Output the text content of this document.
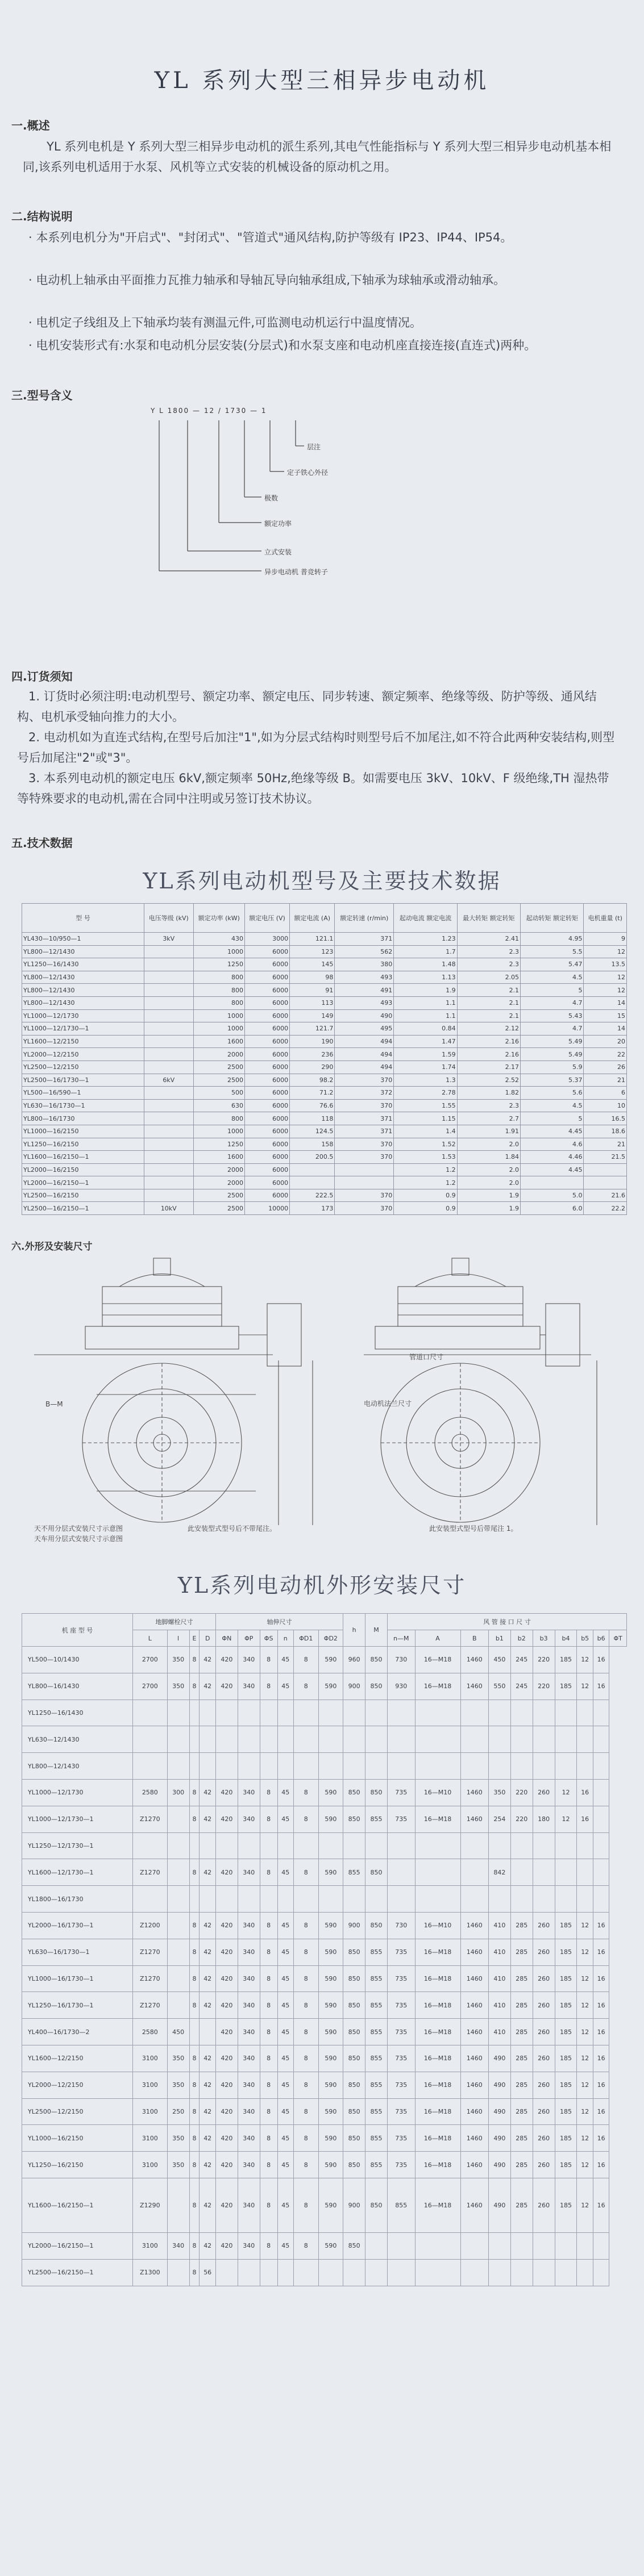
YL 系列大型三相异步电动机
一.概述
YL 系列电机是 Y 系列大型三相异步电动机的派生系列,其电气性能指标与 Y 系列大型三相异步电动机基本相同,该系列电机适用于水泵、风机等立式安装的机械设备的原动机之用。
二.结构说明
· 本系列电机分为"开启式"、"封闭式"、"管道式"通风结构,防护等级有 IP23、IP44、IP54。
· 电动机上轴承由平面推力瓦推力轴承和导轴瓦导向轴承组成,下轴承为球轴承或滑动轴承。
· 电机定子线组及上下轴承均装有测温元件,可监测电动机运行中温度情况。
· 电机安装形式有:水泵和电动机分层安装(分层式)和水泵支座和电动机座直接连接(直连式)两种。
三.型号含义
层注
定子铁心外径
极数
额定功率
立式安装
异步电动机 普竞转子
Y L 1800 — 12 / 1730 — 1
四.订货须知
1. 订货时必须注明:电动机型号、额定功率、额定电压、同步转速、额定频率、绝缘等级、防护等级、通风结构、电机承受轴向推力的大小。
2. 电动机如为直连式结构,在型号后加注"1",如为分层式结构时则型号后不加尾注,如不符合此两种安装结构,则型号后加尾注"2"或"3"。
3. 本系列电动机的额定电压 6kV,额定频率 50Hz,绝缘等级 B。如需要电压 3kV、10kV、F 级绝缘,TH 湿热带等特殊要求的电动机,需在合同中注明或另签订技术协议。
五.技术数据
YL系列电动机型号及主要技术数据
型 号	电压等级 (kV)	额定功率 (kW)	额定电压 (V)	额定电流 (A)	额定转速 (r/min)	起动电流 额定电流	最大转矩 额定转矩	起动转矩 额定转矩	电机重量 (t)
YL430—10/950—1	3kV	430	3000	121.1	371	1.23	2.41	4.95	9
YL800—12/1430		1000	6000	123	562	1.7	2.3	5.5	12
YL1250—16/1430		1250	6000	145	380	1.48	2.3	5.47	13.5
YL800—12/1430		800	6000	98	493	1.13	2.05	4.5	12
YL800—12/1430		800	6000	91	491	1.9	2.1	5	12
YL800—12/1430		800	6000	113	493	1.1	2.1	4.7	14
YL1000—12/1730		1000	6000	149	490	1.1	2.1	5.43	15
YL1000—12/1730—1		1000	6000	121.7	495	0.84	2.12	4.7	14
YL1600—12/2150		1600	6000	190	494	1.47	2.16	5.49	20
YL2000—12/2150		2000	6000	236	494	1.59	2.16	5.49	22
YL2500—12/2150		2500	6000	290	494	1.74	2.17	5.9	26
YL2500—16/1730—1	6kV	2500	6000	98.2	370	1.3	2.52	5.37	21
YL500—16/590—1		500	6000	71.2	372	2.78	1.82	5.6	6
YL630—16/1730—1		630	6000	76.6	370	1.55	2.3	4.5	10
YL800—16/1730		800	6000	118	371	1.15	2.7	5	16.5
YL1000—16/2150		1000	6000	124.5	371	1.4	1.91	4.45	18.6
YL1250—16/2150		1250	6000	158	370	1.52	2.0	4.6	21
YL1600—16/2150—1		1600	6000	200.5	370	1.53	1.84	4.46	21.5
YL2000—16/2150		2000	6000			1.2	2.0	4.45	
YL2000—16/2150—1		2000	6000			1.2	2.0		
YL2500—16/2150		2500	6000	222.5	370	0.9	1.9	5.0	21.6
YL2500—16/2150—1	10kV	2500	10000	173	370	0.9	1.9	6.0	22.2
六.外形及安装尺寸
管道口尺寸
电动机法兰尺寸
B—M
此安装型式型号后不带尾注。
天不用分层式安装尺寸示意图	此安装型式型号后带尾注 1。
天车用分层式安装尺寸示意图
YL系列电动机外形安装尺寸
机 座 型 号	地脚螺栓尺寸				轴伸尺寸						h	M	风 管 接 口 尺 寸									
	L	l	E	D	ΦN	ΦP	ΦS	n	ΦD1	ΦD2			n—M	A	B	b1	b2	b3	b4	b5	b6	ΦT
YL500—10/1430	2700	350	8	42	420	340	8	45	8	590	960	850	730	16—M18	1460	450	245	220	185	12	16	
YL800—16/1430	2700	350	8	42	420	340	8	45	8	590	900	850	930	16—M18	1460	550	245	220	185	12	16	
YL1250—16/1430																						
YL630—12/1430																						
YL800—12/1430																						
YL1000—12/1730	2580	300	8	42	420	340	8	45	8	590	850	850	735	16—M10	1460	350	220	260	12	16		
YL1000—12/1730—1	Z1270		8	42	420	340	8	45	8	590	850	855	735	16—M18	1460	254	220	180	12	16		
YL1250—12/1730—1																						
YL1600—12/1730—1	Z1270		8	42	420	340	8	45	8	590	855	850				842						
YL1800—16/1730																						
YL2000—16/1730—1	Z1200		8	42	420	340	8	45	8	590	900	850	730	16—M10	1460	410	285	260	185	12	16	
YL630—16/1730—1	Z1270		8	42	420	340	8	45	8	590	850	855	735	16—M18	1460	410	285	260	185	12	16	
YL1000—16/1730—1	Z1270		8	42	420	340	8	45	8	590	850	855	735	16—M18	1460	410	285	260	185	12	16	
YL1250—16/1730—1	Z1270		8	42	420	340	8	45	8	590	850	855	735	16—M18	1460	410	285	260	185	12	16	
YL400—16/1730—2	2580	450			420	340	8	45	8	590	850	855	735	16—M18	1460	410	285	260	185	12	16	
YL1600—12/2150	3100	350	8	42	420	340	8	45	8	590	850	855	735	16—M18	1460	490	285	260	185	12	16	
YL2000—12/2150	3100	350	8	42	420	340	8	45	8	590	850	855	735	16—M18	1460	490	285	260	185	12	16	
YL2500—12/2150	3100	250	8	42	420	340	8	45	8	590	850	855	735	16—M18	1460	490	285	260	185	12	16	
YL1000—16/2150	3100	350	8	42	420	340	8	45	8	590	850	855	735	16—M18	1460	490	285	260	185	12	16	
YL1250—16/2150	3100	350	8	42	420	340	8	45	8	590	850	855	735	16—M18	1460	490	285	260	185	12	16	
YL1600—16/2150—1	Z1290		8	42	420	340	8	45	8	590	900	850	855	16—M18	1460	490	285	260	185	12	16	
YL2000—16/2150—1	3100	340	8	42	420	340	8	45	8	590	850											
YL2500—16/2150—1	Z1300		8	56																		
